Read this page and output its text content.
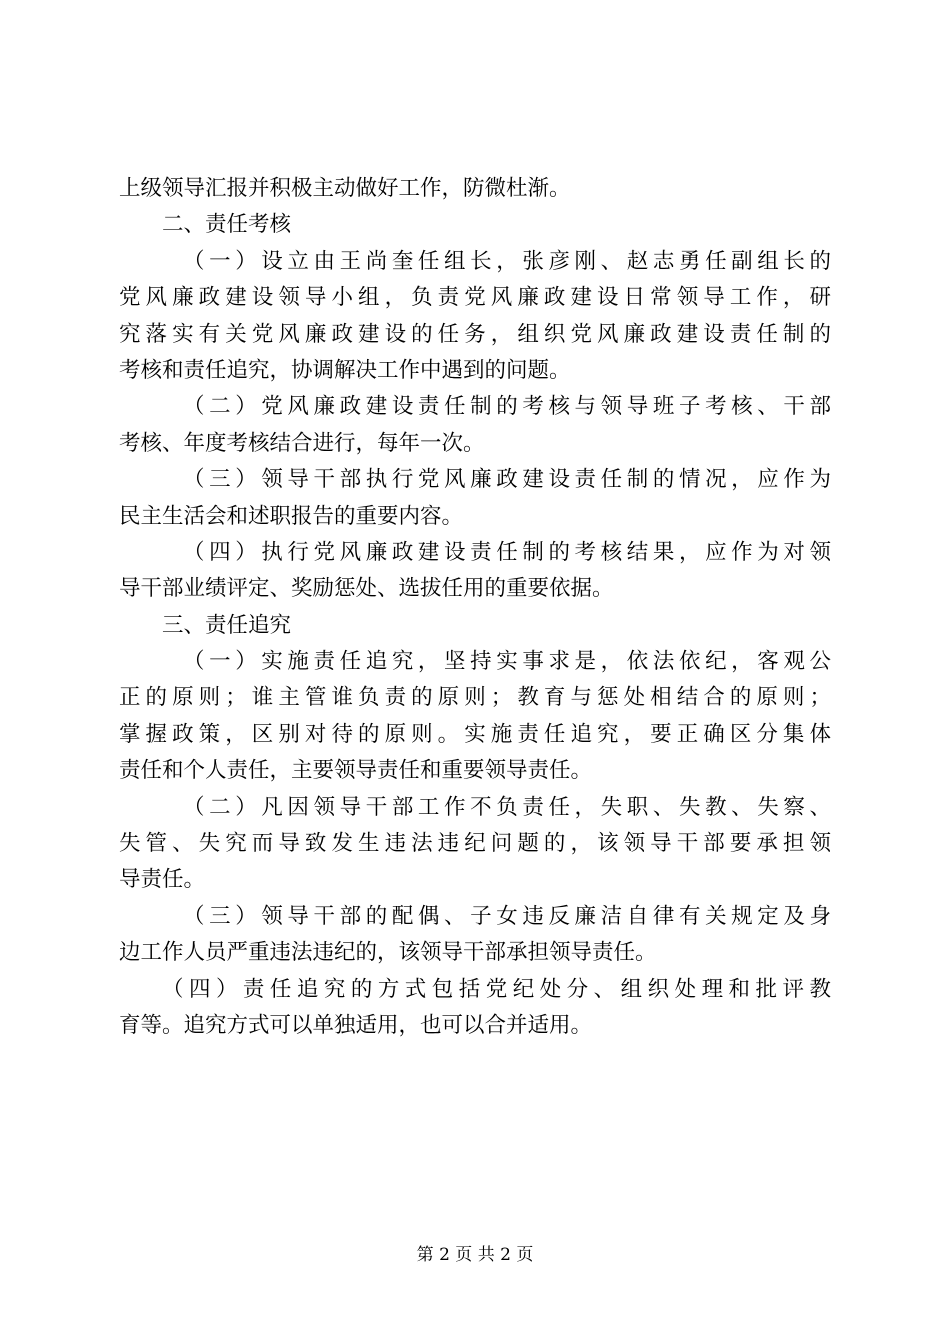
上级领导汇报并积极主动做好工作，防微杜渐。
二、责任考核
（一）设立由王尚奎任组长，张彦刚、赵志勇任副组长的
党风廉政建设领导小组，负责党风廉政建设日常领导工作，研
究落实有关党风廉政建设的任务，组织党风廉政建设责任制的
考核和责任追究，协调解决工作中遇到的问题。
（二）党风廉政建设责任制的考核与领导班子考核、干部
考核、年度考核结合进行，每年一次。
（三）领导干部执行党风廉政建设责任制的情况，应作为
民主生活会和述职报告的重要内容。
（四）执行党风廉政建设责任制的考核结果，应作为对领
导干部业绩评定、奖励惩处、选拔任用的重要依据。
三、责任追究
（一）实施责任追究，坚持实事求是，依法依纪，客观公
正的原则；谁主管谁负责的原则；教育与惩处相结合的原则；
掌握政策，区别对待的原则。实施责任追究，要正确区分集体
责任和个人责任，主要领导责任和重要领导责任。
（二）凡因领导干部工作不负责任，失职、失教、失察、
失管、失究而导致发生违法违纪问题的，该领导干部要承担领
导责任。
（三）领导干部的配偶、子女违反廉洁自律有关规定及身
边工作人员严重违法违纪的，该领导干部承担领导责任。
（四）责任追究的方式包括党纪处分、组织处理和批评教
育等。追究方式可以单独适用，也可以合并适用。
第 2 页 共 2 页
